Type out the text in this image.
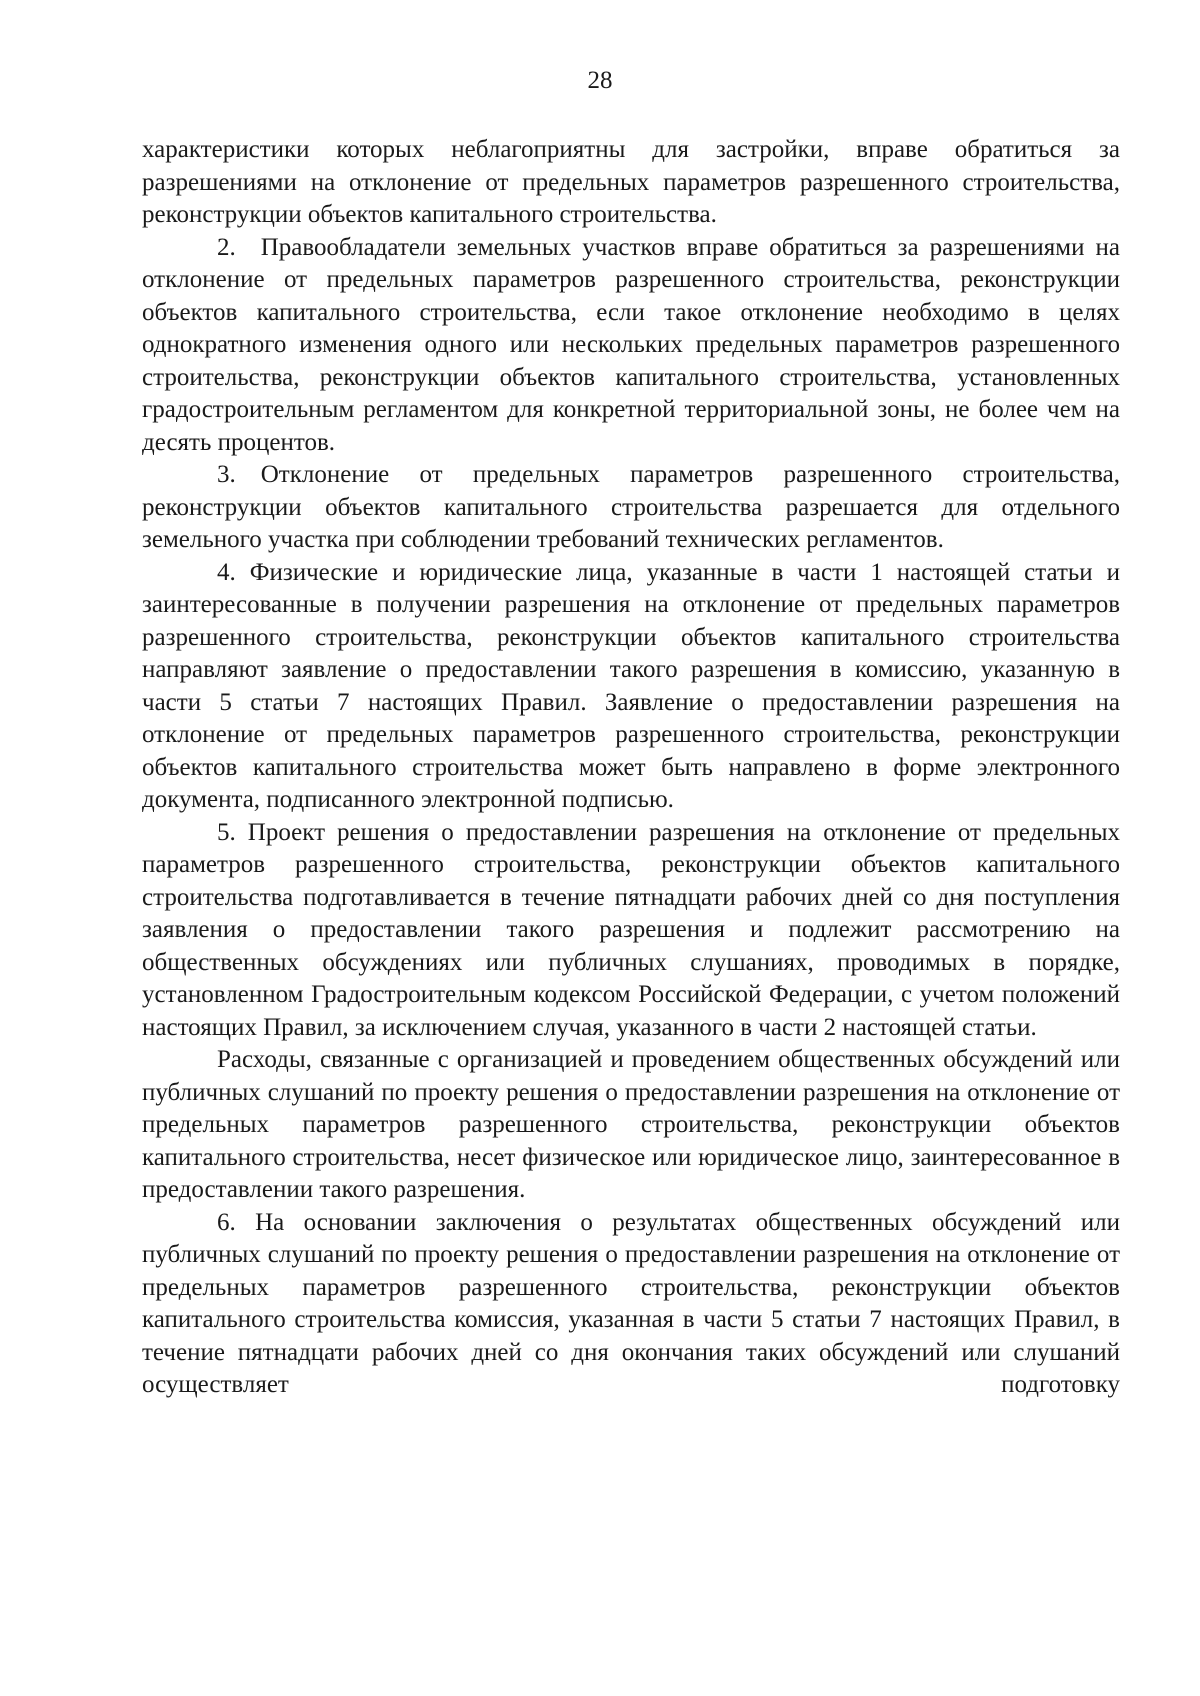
28

характеристики которых неблагоприятны для застройки, вправе обратиться за разрешениями на отклонение от предельных параметров разрешенного строительства, реконструкции объектов капитального строительства.

2. Правообладатели земельных участков вправе обратиться за разрешениями на отклонение от предельных параметров разрешенного строительства, реконструкции объектов капитального строительства, если такое отклонение необходимо в целях однократного изменения одного или нескольких предельных параметров разрешенного строительства, реконструкции объектов капитального строительства, установленных градостроительным регламентом для конкретной территориальной зоны, не более чем на десять процентов.

3. Отклонение от предельных параметров разрешенного строительства, реконструкции объектов капитального строительства разрешается для отдельного земельного участка при соблюдении требований технических регламентов.

4. Физические и юридические лица, указанные в части 1 настоящей статьи и заинтересованные в получении разрешения на отклонение от предельных параметров разрешенного строительства, реконструкции объектов капитального строительства направляют заявление о предоставлении такого разрешения в комиссию, указанную в части 5 статьи 7 настоящих Правил. Заявление о предоставлении разрешения на отклонение от предельных параметров разрешенного строительства, реконструкции объектов капитального строительства может быть направлено в форме электронного документа, подписанного электронной подписью.

5. Проект решения о предоставлении разрешения на отклонение от предельных параметров разрешенного строительства, реконструкции объектов капитального строительства подготавливается в течение пятнадцати рабочих дней со дня поступления заявления о предоставлении такого разрешения и подлежит рассмотрению на общественных обсуждениях или публичных слушаниях, проводимых в порядке, установленном Градостроительным кодексом Российской Федерации, с учетом положений настоящих Правил, за исключением случая, указанного в части 2 настоящей статьи.

Расходы, связанные с организацией и проведением общественных обсуждений или публичных слушаний по проекту решения о предоставлении разрешения на отклонение от предельных параметров разрешенного строительства, реконструкции объектов капитального строительства, несет физическое или юридическое лицо, заинтересованное в предоставлении такого разрешения.

6. На основании заключения о результатах общественных обсуждений или публичных слушаний по проекту решения о предоставлении разрешения на отклонение от предельных параметров разрешенного строительства, реконструкции объектов капитального строительства комиссия, указанная в части 5 статьи 7 настоящих Правил, в течение пятнадцати рабочих дней со дня окончания таких обсуждений или слушаний осуществляет подготовку
